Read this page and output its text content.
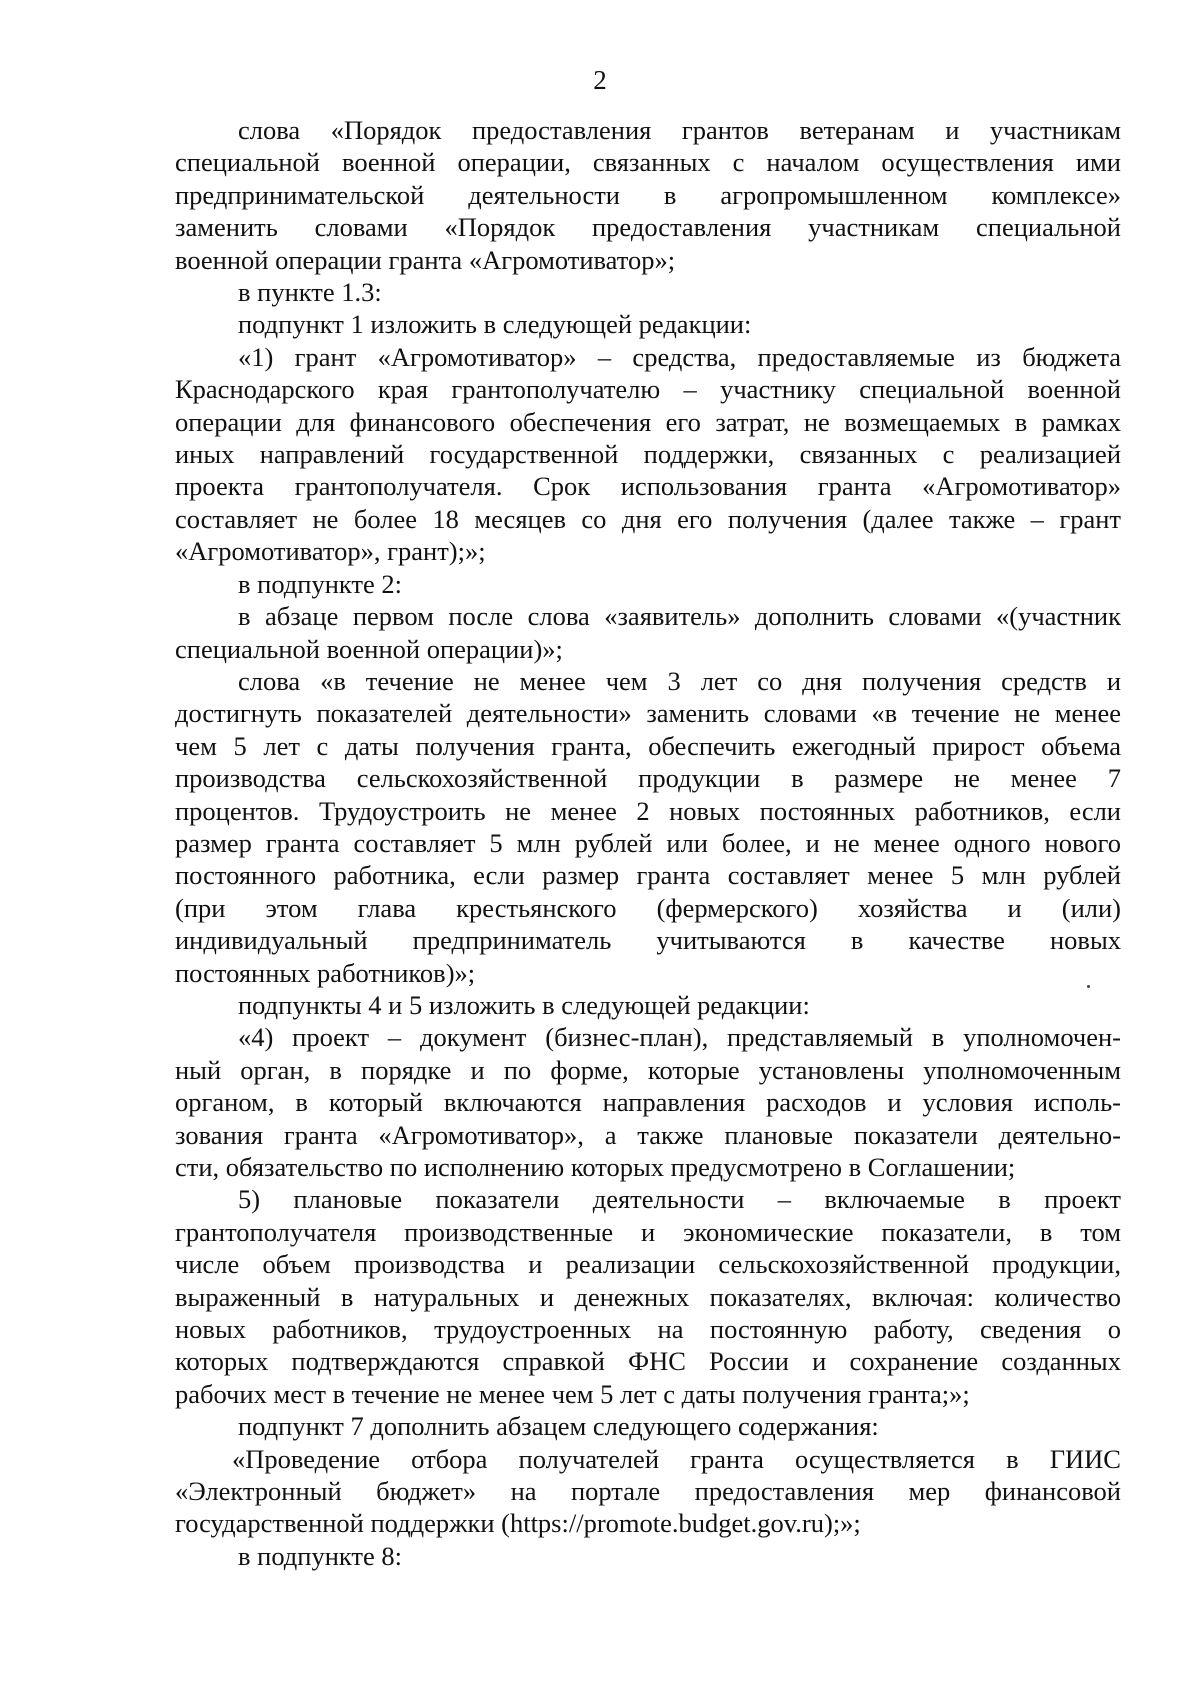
2
слова «Порядок предоставления грантов ветеранам и участникам
специальной военной операции, связанных с началом осуществления ими
предпринимательской деятельности в агропромышленном комплексе»
заменить словами «Порядок предоставления участникам специальной
военной операции гранта «Агромотиватор»;
в пункте 1.3:
подпункт 1 изложить в следующей редакции:
«1) грант «Агромотиватор» – средства, предоставляемые из бюджета
Краснодарского края грантополучателю – участнику специальной военной
операции для финансового обеспечения его затрат, не возмещаемых в рамках
иных направлений государственной поддержки, связанных с реализацией
проекта грантополучателя. Срок использования гранта «Агромотиватор»
составляет не более 18 месяцев со дня его получения (далее также – грант
«Агромотиватор», грант);»;
в подпункте 2:
в абзаце первом после слова «заявитель» дополнить словами «(участник
специальной военной операции)»;
слова «в течение не менее чем 3 лет со дня получения средств и
достигнуть показателей деятельности» заменить словами «в течение не менее
чем 5 лет с даты получения гранта, обеспечить ежегодный прирост объема
производства сельскохозяйственной продукции в размере не менее 7
процентов. Трудоустроить не менее 2 новых постоянных работников, если
размер гранта составляет 5 млн рублей или более, и не менее одного нового
постоянного работника, если размер гранта составляет менее 5 млн рублей
(при этом глава крестьянского (фермерского) хозяйства и (или)
индивидуальный предприниматель учитываются в качестве новых
постоянных работников)»;
подпункты 4 и 5 изложить в следующей редакции:
«4) проект – документ (бизнес-план), представляемый в уполномочен-
ный орган, в порядке и по форме, которые установлены уполномоченным
органом, в который включаются направления расходов и условия исполь-
зования гранта «Агромотиватор», а также плановые показатели деятельно-
сти, обязательство по исполнению которых предусмотрено в Соглашении;
5) плановые показатели деятельности – включаемые в проект
грантополучателя производственные и экономические показатели, в том
числе объем производства и реализации сельскохозяйственной продукции,
выраженный в натуральных и денежных показателях, включая: количество
новых работников, трудоустроенных на постоянную работу, сведения о
которых подтверждаются справкой ФНС России и сохранение созданных
рабочих мест в течение не менее чем 5 лет с даты получения гранта;»;
подпункт 7 дополнить абзацем следующего содержания:
«Проведение отбора получателей гранта осуществляется в ГИИС
«Электронный бюджет» на портале предоставления мер финансовой
государственной поддержки (https://promote.budget.gov.ru);»;
в подпункте 8:
